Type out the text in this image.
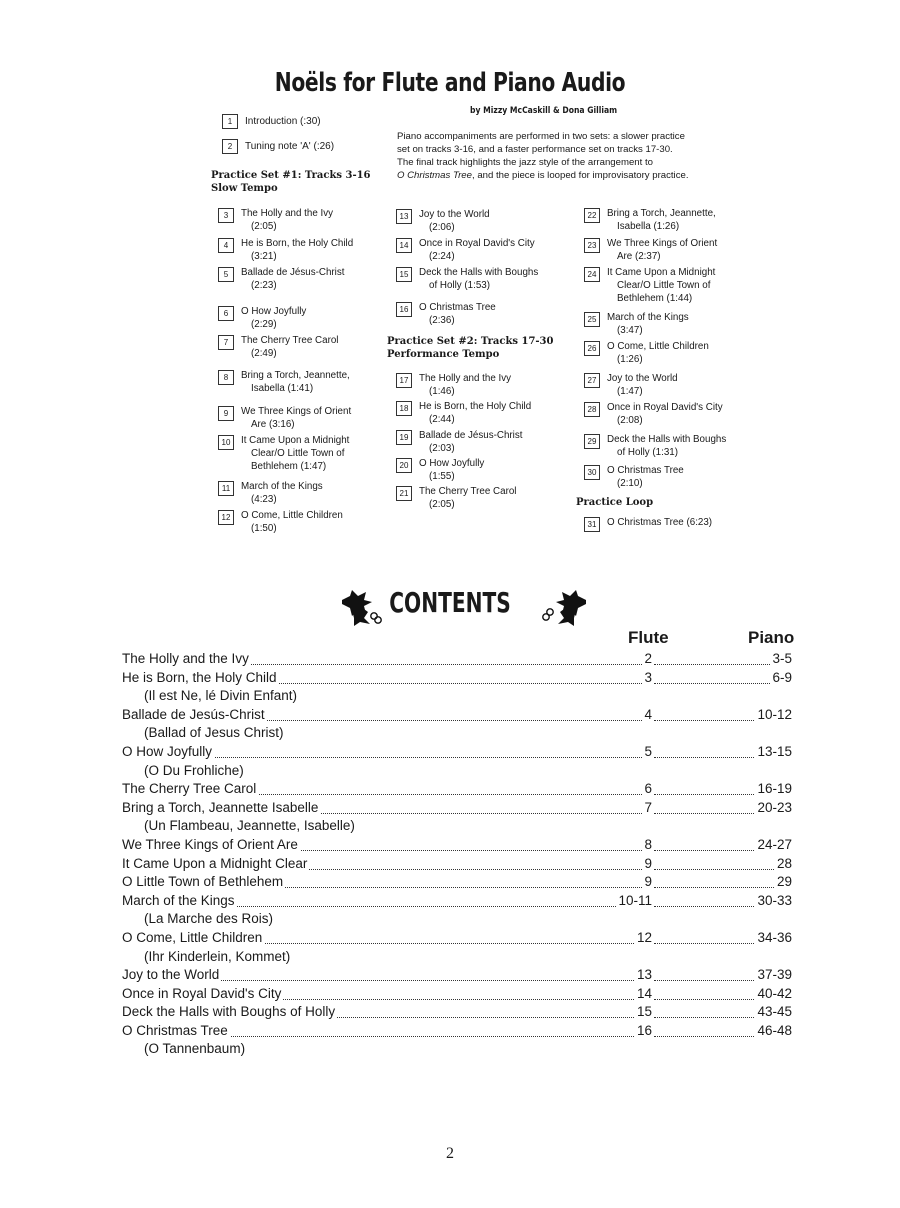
Noëls for Flute and Piano Audio
by Mizzy McCaskill & Dona Gilliam
1	Introduction (:30)
2	Tuning note 'A' (:26)
Piano accompaniments are performed in two sets: a slower practice
set on tracks 3-16, and a faster performance set on tracks 17-30.
The final track highlights the jazz style of the arrangement to
O Christmas Tree, and the piece is looped for improvisatory practice.
Practice Set #1: Tracks 3-16
Slow Tempo
Practice Set #2: Tracks 17-30
Performance Tempo
Practice Loop
3	The Holly and the Ivy
(2:05)
4	He is Born, the Holy Child
(3:21)
5	Ballade de Jésus-Christ
(2:23)
6	O How Joyfully
(2:29)
7	The Cherry Tree Carol
(2:49)
8	Bring a Torch, Jeannette,
Isabella (1:41)
9	We Three Kings of Orient
Are (3:16)
10	It Came Upon a Midnight
Clear/O Little Town of
Bethlehem (1:47)
11	March of the Kings
(4:23)
12	O Come, Little Children
(1:50)
13	Joy to the World
(2:06)
14	Once in Royal David's City
(2:24)
15	Deck the Halls with Boughs
of Holly (1:53)
16	O Christmas Tree
(2:36)
17	The Holly and the Ivy
(1:46)
18	He is Born, the Holy Child
(2:44)
19	Ballade de Jésus-Christ
(2:03)
20	O How Joyfully
(1:55)
21	The Cherry Tree Carol
(2:05)
22	Bring a Torch, Jeannette,
Isabella (1:26)
23	We Three Kings of Orient
Are (2:37)
24	It Came Upon a Midnight
Clear/O Little Town of
Bethlehem (1:44)
25	March of the Kings
(3:47)
26	O Come, Little Children
(1:26)
27	Joy to the World
(1:47)
28	Once in Royal David's City
(2:08)
29	Deck the Halls with Boughs
of Holly (1:31)
30	O Christmas Tree
(2:10)
31	O Christmas Tree (6:23)
CONTENTS
Flute	Piano
The Holly and the Ivy	2	3-5
He is Born, the Holy Child	3	6-9
(Il est Ne, lé Divin Enfant)
Ballade de Jesús-Christ	4	10-12
(Ballad of Jesus Christ)
O How Joyfully	5	13-15
(O Du Frohliche)
The Cherry Tree Carol	6	16-19
Bring a Torch, Jeannette Isabelle	7	20-23
(Un Flambeau, Jeannette, Isabelle)
We Three Kings of Orient Are	8	24-27
It Came Upon a Midnight Clear	9	28
O Little Town of Bethlehem	9	29
March of the Kings	10-11	30-33
(La Marche des Rois)
O Come, Little Children	12	34-36
(Ihr Kinderlein, Kommet)
Joy to the World	13	37-39
Once in Royal David's City	14	40-42
Deck the Halls with Boughs of Holly	15	43-45
O Christmas Tree	16	46-48
(O Tannenbaum)
2
